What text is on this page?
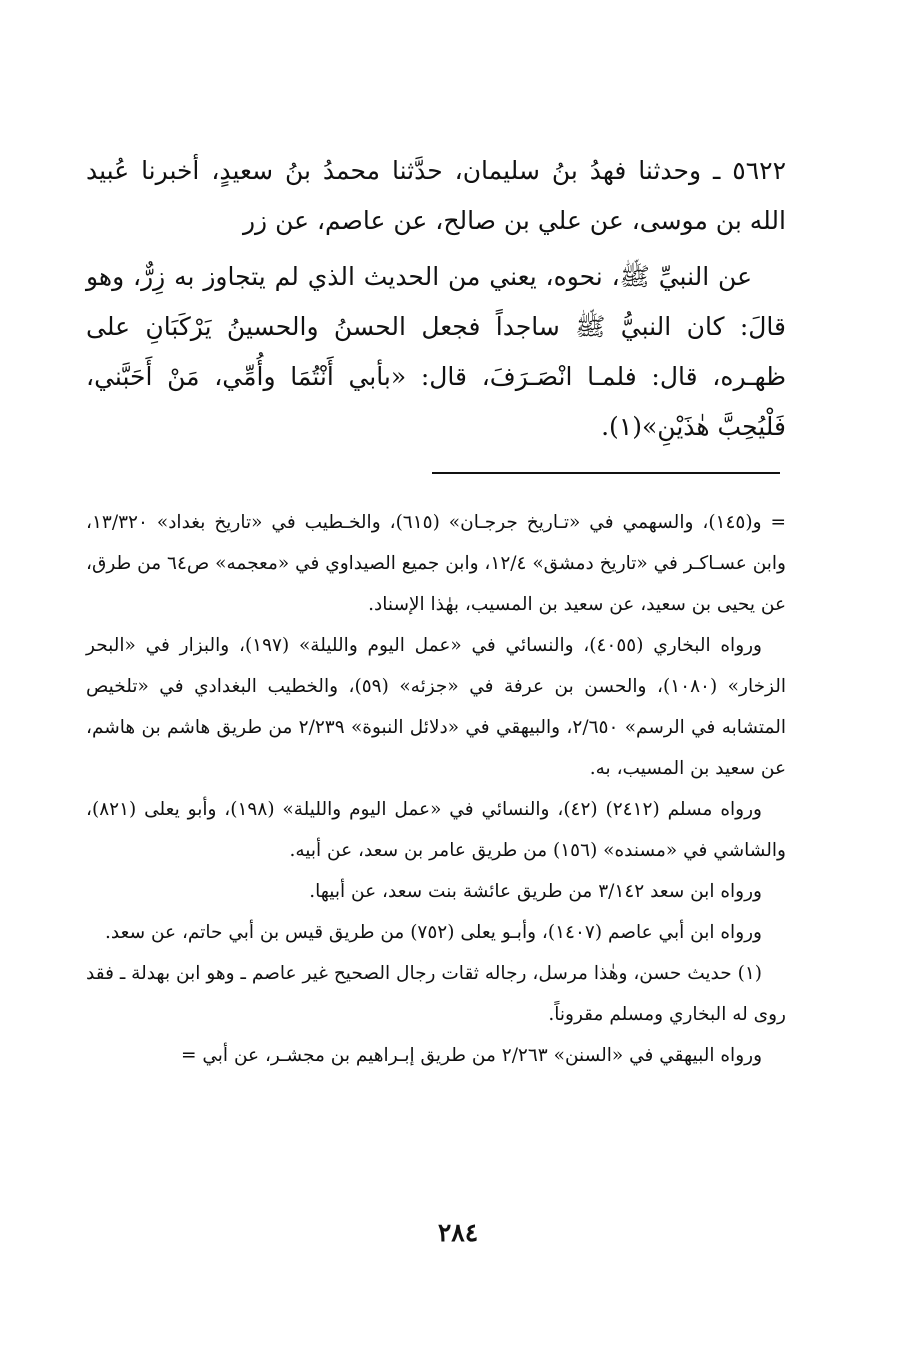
٥٦٢٢ ـ وحدثنا فهدُ بنُ سليمان، حدَّثنا محمدُ بنُ سعيدٍ، أخبرنا عُبيد الله بن موسى، عن علي بن صالح، عن عاصم، عن زر

عن النبيِّ ﷺ، نحوه، يعني من الحديث الذي لم يتجاوز به زِرٌّ، وهو قالَ: كان النبيُّ ﷺ ساجداً فجعل الحسنُ والحسينُ يَرْكَبَانِ على ظهـره، قال: فلمـا انْصَـرَفَ، قال: «بأبي أَنْتُمَا وأُمِّي، مَنْ أَحَبَّني، فَلْيُحِبَّ هٰذَيْنِ»(١).

= و(١٤٥)، والسهمي في «تـاريخ جرجـان» (٦١٥)، والخـطيب في «تاريخ بغداد» ١٣/٣٢٠، وابن عسـاكـر في «تاريخ دمشق» ١٢/٤، وابن جميع الصيداوي في «معجمه» ص٦٤ من طرق، عن يحيى بن سعيد، عن سعيد بن المسيب، بهٰذا الإسناد.

ورواه البخاري (٤٠٥٥)، والنسائي في «عمل اليوم والليلة» (١٩٧)، والبزار في «البحر الزخار» (١٠٨٠)، والحسن بن عرفة في «جزئه» (٥٩)، والخطيب البغدادي في «تلخيص المتشابه في الرسم» ٢/٦٥٠، والبيهقي في «دلائل النبوة» ٢/٢٣٩ من طريق هاشم بن هاشم، عن سعيد بن المسيب، به.

ورواه مسلم (٢٤١٢) (٤٢)، والنسائي في «عمل اليوم والليلة» (١٩٨)، وأبو يعلى (٨٢١)، والشاشي في «مسنده» (١٥٦) من طريق عامر بن سعد، عن أبيه.

ورواه ابن سعد ٣/١٤٢ من طريق عائشة بنت سعد، عن أبيها.

ورواه ابن أبي عاصم (١٤٠٧)، وأبـو يعلى (٧٥٢) من طريق قيس بن أبي حاتم، عن سعد.

(١) حديث حسن، وهٰذا مرسل، رجاله ثقات رجال الصحيح غير عاصم ـ وهو ابن بهدلة ـ فقد روى له البخاري ومسلم مقروناً.

ورواه البيهقي في «السنن» ٢/٢٦٣ من طريق إبـراهيم بن مجشـر، عن أبي =

٢٨٤
